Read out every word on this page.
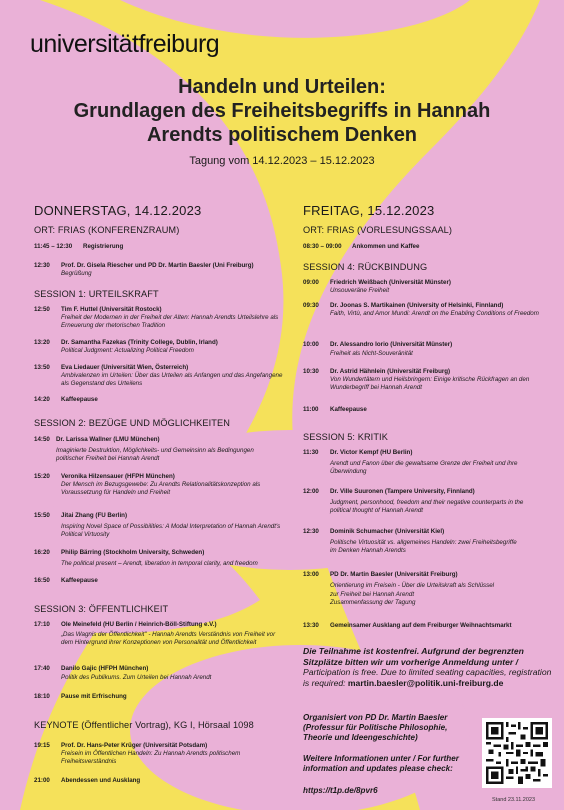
universitätfreiburg
Handeln und Urteilen:
Grundlagen des Freiheitsbegriffs in Hannah
Arendts politischem Denken
Tagung vom 14.12.2023 – 15.12.2023
DONNERSTAG, 14.12.2023
ORT: FRIAS (KONFERENZRAUM)
11:45 – 12:30 Registrierung
12:30 Prof. Dr. Gisela Riescher und PD Dr. Martin Baesler (Uni Freiburg)
Begrüßung
SESSION 1: URTEILSKRAFT
12:50 Tim F. Huttel (Universität Rostock)
Freiheit der Modernen in der Freiheit der Alten: Hannah Arendts Urteilslehre als Erneuerung der rhetorischen Tradition
13:20 Dr. Samantha Fazekas (Trinity College, Dublin, Irland)
Political Judgment: Actualizing Political Freedom
13:50 Eva Liedauer (Universität Wien, Österreich)
Ambivalenzen im Urteilen: Über das Urteilen als Anfangen und das Angefangene als Gegenstand des Urteilens
14:20 Kaffeepause
SESSION 2: BEZÜGE UND MÖGLICHKEITEN
14:50 Dr. Larissa Wallner (LMU München)
Imaginierte Destruktion, Möglichkeits- und Gemeinsinn als Bedingungen politischer Freiheit bei Hannah Arendt
15:20 Veronika Hilzensauer (HFPH München)
Der Mensch im Bezugsgewebe: Zu Arendts Relationalitätskonzeption als Voraussetzung für Handeln und Freiheit
15:50 Jitai Zhang (FU Berlin)
Inspiring Novel Space of Possibilities: A Modal Interpretation of Hannah Arendt's Political Virtuosity
16:20 Philip Bärring (Stockholm University, Schweden)
The political present – Arendt, liberation in temporal clarity, and freedom
16:50 Kaffeepause
SESSION 3: ÖFFENTLICHKEIT
17:10 Ole Meinefeld (HU Berlin / Heinrich-Böll-Stiftung e.V.)
„Das Wagnis der Öffentlichkeit" - Hannah Arendts Verständnis von Freiheit vor dem Hintergrund ihrer Konzeptionen von Personalität und Öffentlichkeit
17:40 Danilo Gajic (HFPH München)
Politik des Publikums. Zum Urteilen bei Hannah Arendt
18:10 Pause mit Erfrischung
KEYNOTE (Öffentlicher Vortrag), KG I, Hörsaal 1098
19:15 Prof. Dr. Hans-Peter Krüger (Universität Potsdam)
Freisein im Öffentlichen Handeln: Zu Hannah Arendts politischem Freiheitsverständnis
21:00 Abendessen und Ausklang
FREITAG, 15.12.2023
ORT: FRIAS (VORLESUNGSSAAL)
08:30 – 09:00 Ankommen und Kaffee
SESSION 4: RÜCKBINDUNG
09:00 Friedrich Weißbach (Universität Münster)
Unsouveräne Freiheit
09:30 Dr. Joonas S. Martikainen (University of Helsinki, Finnland)
Faith, Virtù, and Amor Mundi: Arendt on the Enabling Conditions of Freedom
10:00 Dr. Alessandro Iorio (Universität Münster)
Freiheit als Nicht-Souveränität
10:30 Dr. Astrid Hähnlein (Universität Freiburg)
Von Wundertätern und Heilsbringern: Einige kritische Rückfragen an den Wunderbegriff bei Hannah Arendt
11:00 Kaffeepause
SESSION 5: KRITIK
11:30 Dr. Victor Kempf (HU Berlin)
Arendt und Fanon über die gewaltsame Grenze der Freiheit und ihre Überwindung
12:00 Dr. Ville Suuronen (Tampere University, Finnland)
Judgment, personhood, freedom and their negative counterparts in the political thought of Hannah Arendt
12:30 Dominik Schumacher (Universität Kiel)
Politische Virtuosität vs. allgemeines Handeln: zwei Freiheitsbegriffe im Denken Hannah Arendts
13:00 PD Dr. Martin Baesler (Universität Freiburg)
Orientierung im Freisein - Über die Urteilskraft als Schlüssel zur Freiheit bei Hannah Arendt
Zusammenfassung der Tagung
13:30 Gemeinsamer Ausklang auf dem Freiburger Weihnachtsmarkt
Die Teilnahme ist kostenfrei. Aufgrund der begrenzten Sitzplätze bitten wir um vorherige Anmeldung unter /
Participation is free. Due to limited seating capacities, registration is required: martin.baesler@politik.uni-freiburg.de
Organisiert von PD Dr. Martin Baesler (Professur für Politische Philosophie, Theorie und Ideengeschichte)
Weitere Informationen unter / For further information and updates please check:
https://t1p.de/8pvr6
Stand 23.11.2023
